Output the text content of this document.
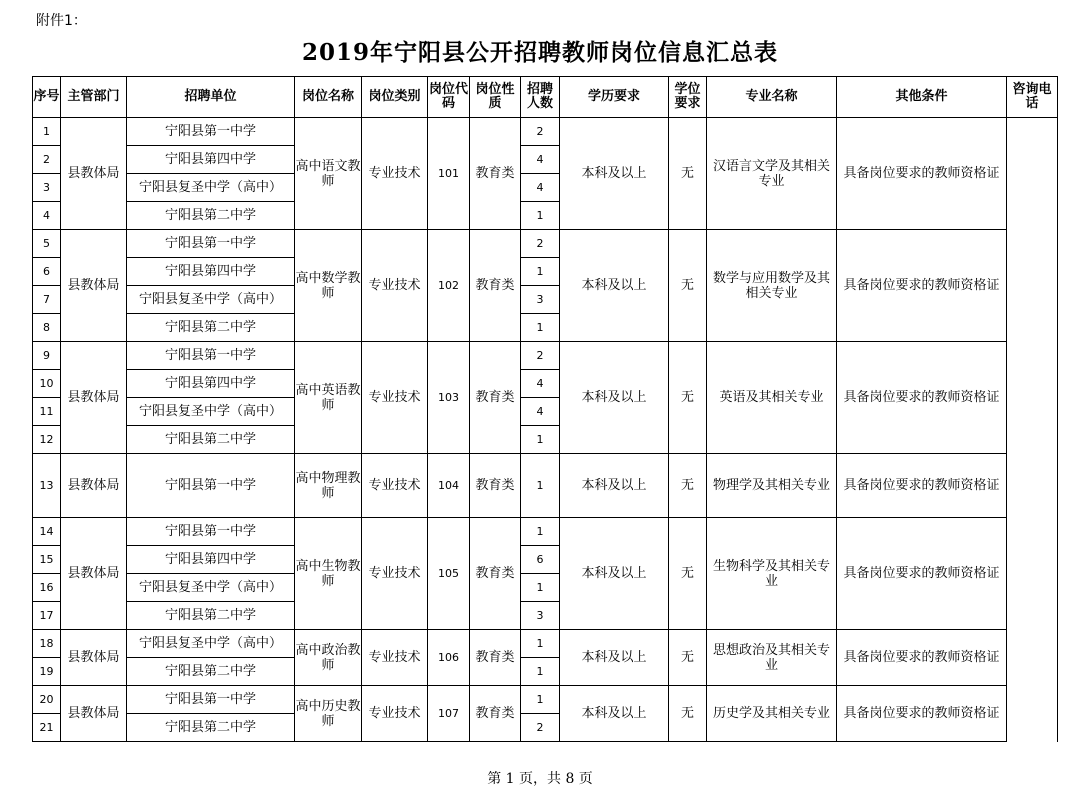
附件1：
2019年宁阳县公开招聘教师岗位信息汇总表
序号	主管部门	招聘单位	岗位名称	岗位类别	岗位代码	岗位性质	招聘人数	学历要求	学位要求	专业名称	其他条件	咨询电话
1	县教体局	宁阳县第一中学	高中语文教师	专业技术	101	教育类	2	本科及以上	无	汉语言文学及其相关专业	具备岗位要求的教师资格证	
2		宁阳县第四中学					4					
3		宁阳县复圣中学（高中）					4					
4		宁阳县第二中学					1					
5	县教体局	宁阳县第一中学	高中数学教师	专业技术	102	教育类	2	本科及以上	无	数学与应用数学及其相关专业	具备岗位要求的教师资格证	
6		宁阳县第四中学					1					
7		宁阳县复圣中学（高中）					3					
8		宁阳县第二中学					1					
9	县教体局	宁阳县第一中学	高中英语教师	专业技术	103	教育类	2	本科及以上	无	英语及其相关专业	具备岗位要求的教师资格证	
10		宁阳县第四中学					4					
11		宁阳县复圣中学（高中）					4					
12		宁阳县第二中学					1					
13	县教体局	宁阳县第一中学	高中物理教师	专业技术	104	教育类	1	本科及以上	无	物理学及其相关专业	具备岗位要求的教师资格证	
14	县教体局	宁阳县第一中学	高中生物教师	专业技术	105	教育类	1	本科及以上	无	生物科学及其相关专业	具备岗位要求的教师资格证	
15		宁阳县第四中学					6					
16		宁阳县复圣中学（高中）					1					
17		宁阳县第二中学					3					
18	县教体局	宁阳县复圣中学（高中）	高中政治教师	专业技术	106	教育类	1	本科及以上	无	思想政治及其相关专业	具备岗位要求的教师资格证	
19		宁阳县第二中学					1					
20	县教体局	宁阳县第一中学	高中历史教师	专业技术	107	教育类	1	本科及以上	无	历史学及其相关专业	具备岗位要求的教师资格证	
21		宁阳县第二中学					2					
第 1 页，共 8 页
